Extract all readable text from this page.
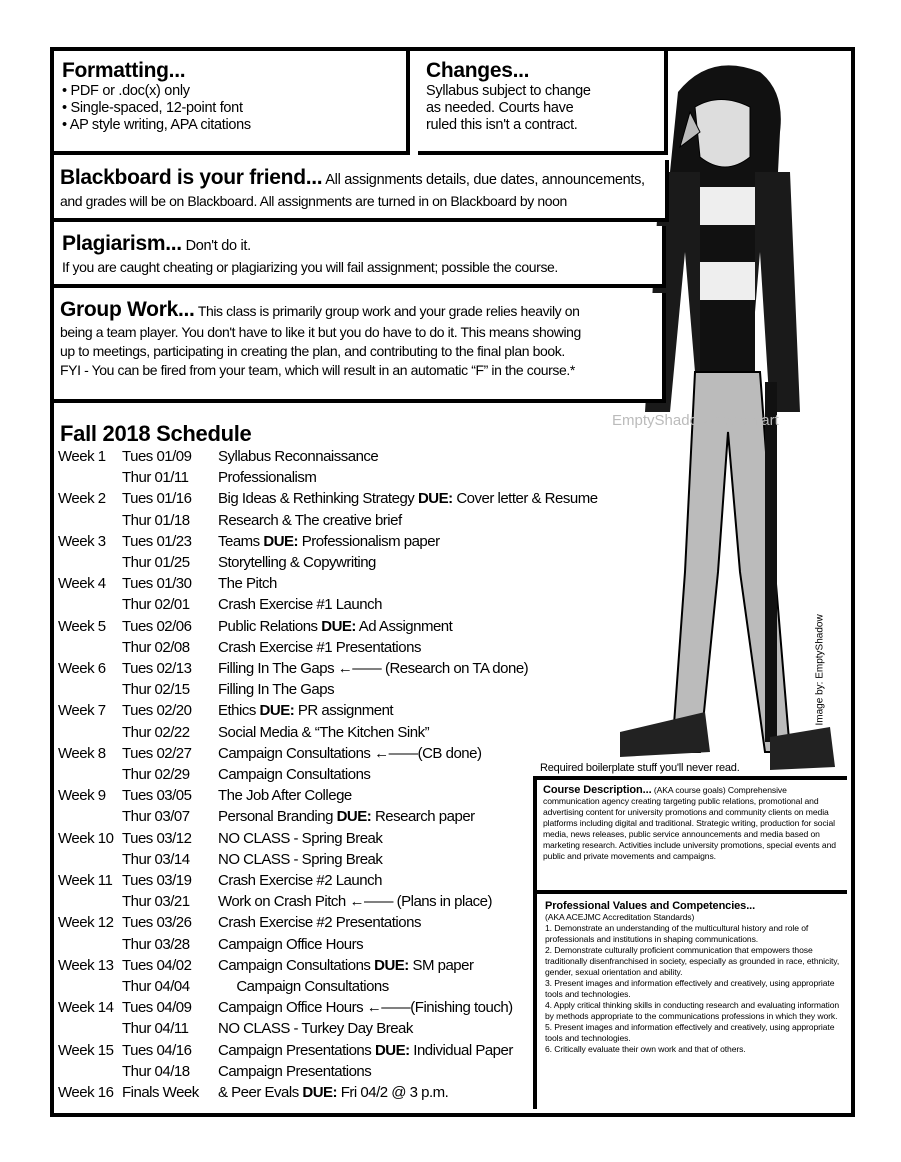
EmptyShadow deviantart
Image by: EmptyShadow
Formatting...
• PDF or .doc(x) only
• Single-spaced, 12-point font
• AP style writing, APA citations
Changes...
Syllabus subject to change
as needed. Courts have
ruled this isn't a contract.
Blackboard is your friend... All assignments details, due dates, announcements,
and grades will be on Blackboard. All assignments are turned in on Blackboard by noon
Plagiarism... Don't do it.
If you are caught cheating or plagiarizing you will fail assignment; possible the course.
Group Work... This class is primarily group work and your grade relies heavily on
being a team player. You don't have to like it but you do have to do it. This means showing
up to meetings, participating in creating the plan, and contributing to the final plan book.
FYI - You can be fired from your team, which will result in an automatic “F” in the course.*
Fall 2018 Schedule
Week 1 Tues 01/09 Syllabus Reconnaissance
Thur 01/11 Professionalism
Week 2 Tues 01/16 Big Ideas & Rethinking Strategy DUE: Cover letter & Resume
Thur 01/18 Research & The creative brief
Week 3 Tues 01/23 Teams DUE: Professionalism paper
Thur 01/25 Storytelling & Copywriting
Week 4 Tues 01/30 The Pitch
Thur 02/01 Crash Exercise #1 Launch
Week 5 Tues 02/06 Public Relations DUE: Ad Assignment
Thur 02/08 Crash Exercise #1 Presentations
Week 6 Tues 02/13 Filling In The Gaps ←—— (Research on TA done)
Thur 02/15 Filling In The Gaps
Week 7 Tues 02/20 Ethics DUE: PR assignment
Thur 02/22 Social Media & “The Kitchen Sink”
Week 8 Tues 02/27 Campaign Consultations ←——(CB done)
Thur 02/29 Campaign Consultations
Week 9 Tues 03/05 The Job After College
Thur 03/07 Personal Branding DUE: Research paper
Week 10 Tues 03/12 NO CLASS - Spring Break
Thur 03/14 NO CLASS - Spring Break
Week 11 Tues 03/19 Crash Exercise #2 Launch
Thur 03/21 Work on Crash Pitch ←—— (Plans in place)
Week 12 Tues 03/26 Crash Exercise #2 Presentations
Thur 03/28 Campaign Office Hours
Week 13 Tues 04/02 Campaign Consultations DUE: SM paper
Thur 04/04 Campaign Consultations
Week 14 Tues 04/09 Campaign Office Hours ←——(Finishing touch)
Thur 04/11 NO CLASS - Turkey Day Break
Week 15 Tues 04/16 Campaign Presentations DUE: Individual Paper
Thur 04/18 Campaign Presentations
Week 16 Finals Week & Peer Evals DUE: Fri 04/2 @ 3 p.m.
Required boilerplate stuff you'll never read.
Course Description... (AKA course goals) Comprehensive communication agency creating targeting public relations, promotional and advertising content for university promotions and community clients on media platforms including digital and traditional. Strategic writing, production for social media, news releases, public service announcements and media based on marketing research. Activities include university promotions, special events and public and private movements and campaigns.
Professional Values and Competencies...
(AKA ACEJMC Accreditation Standards)
1. Demonstrate an understanding of the multicultural history and role of professionals and institutions in shaping communications.
2. Demonstrate culturally proficient communication that empowers those traditionally disenfranchised in society, especially as grounded in race, ethnicity, gender, sexual orientation and ability.
3. Present images and information effectively and creatively, using appropriate tools and technologies.
4. Apply critical thinking skills in conducting research and evaluating information by methods appropriate to the communications professions in which they work.
5. Present images and information effectively and creatively, using appropriate tools and technologies.
6. Critically evaluate their own work and that of others.
